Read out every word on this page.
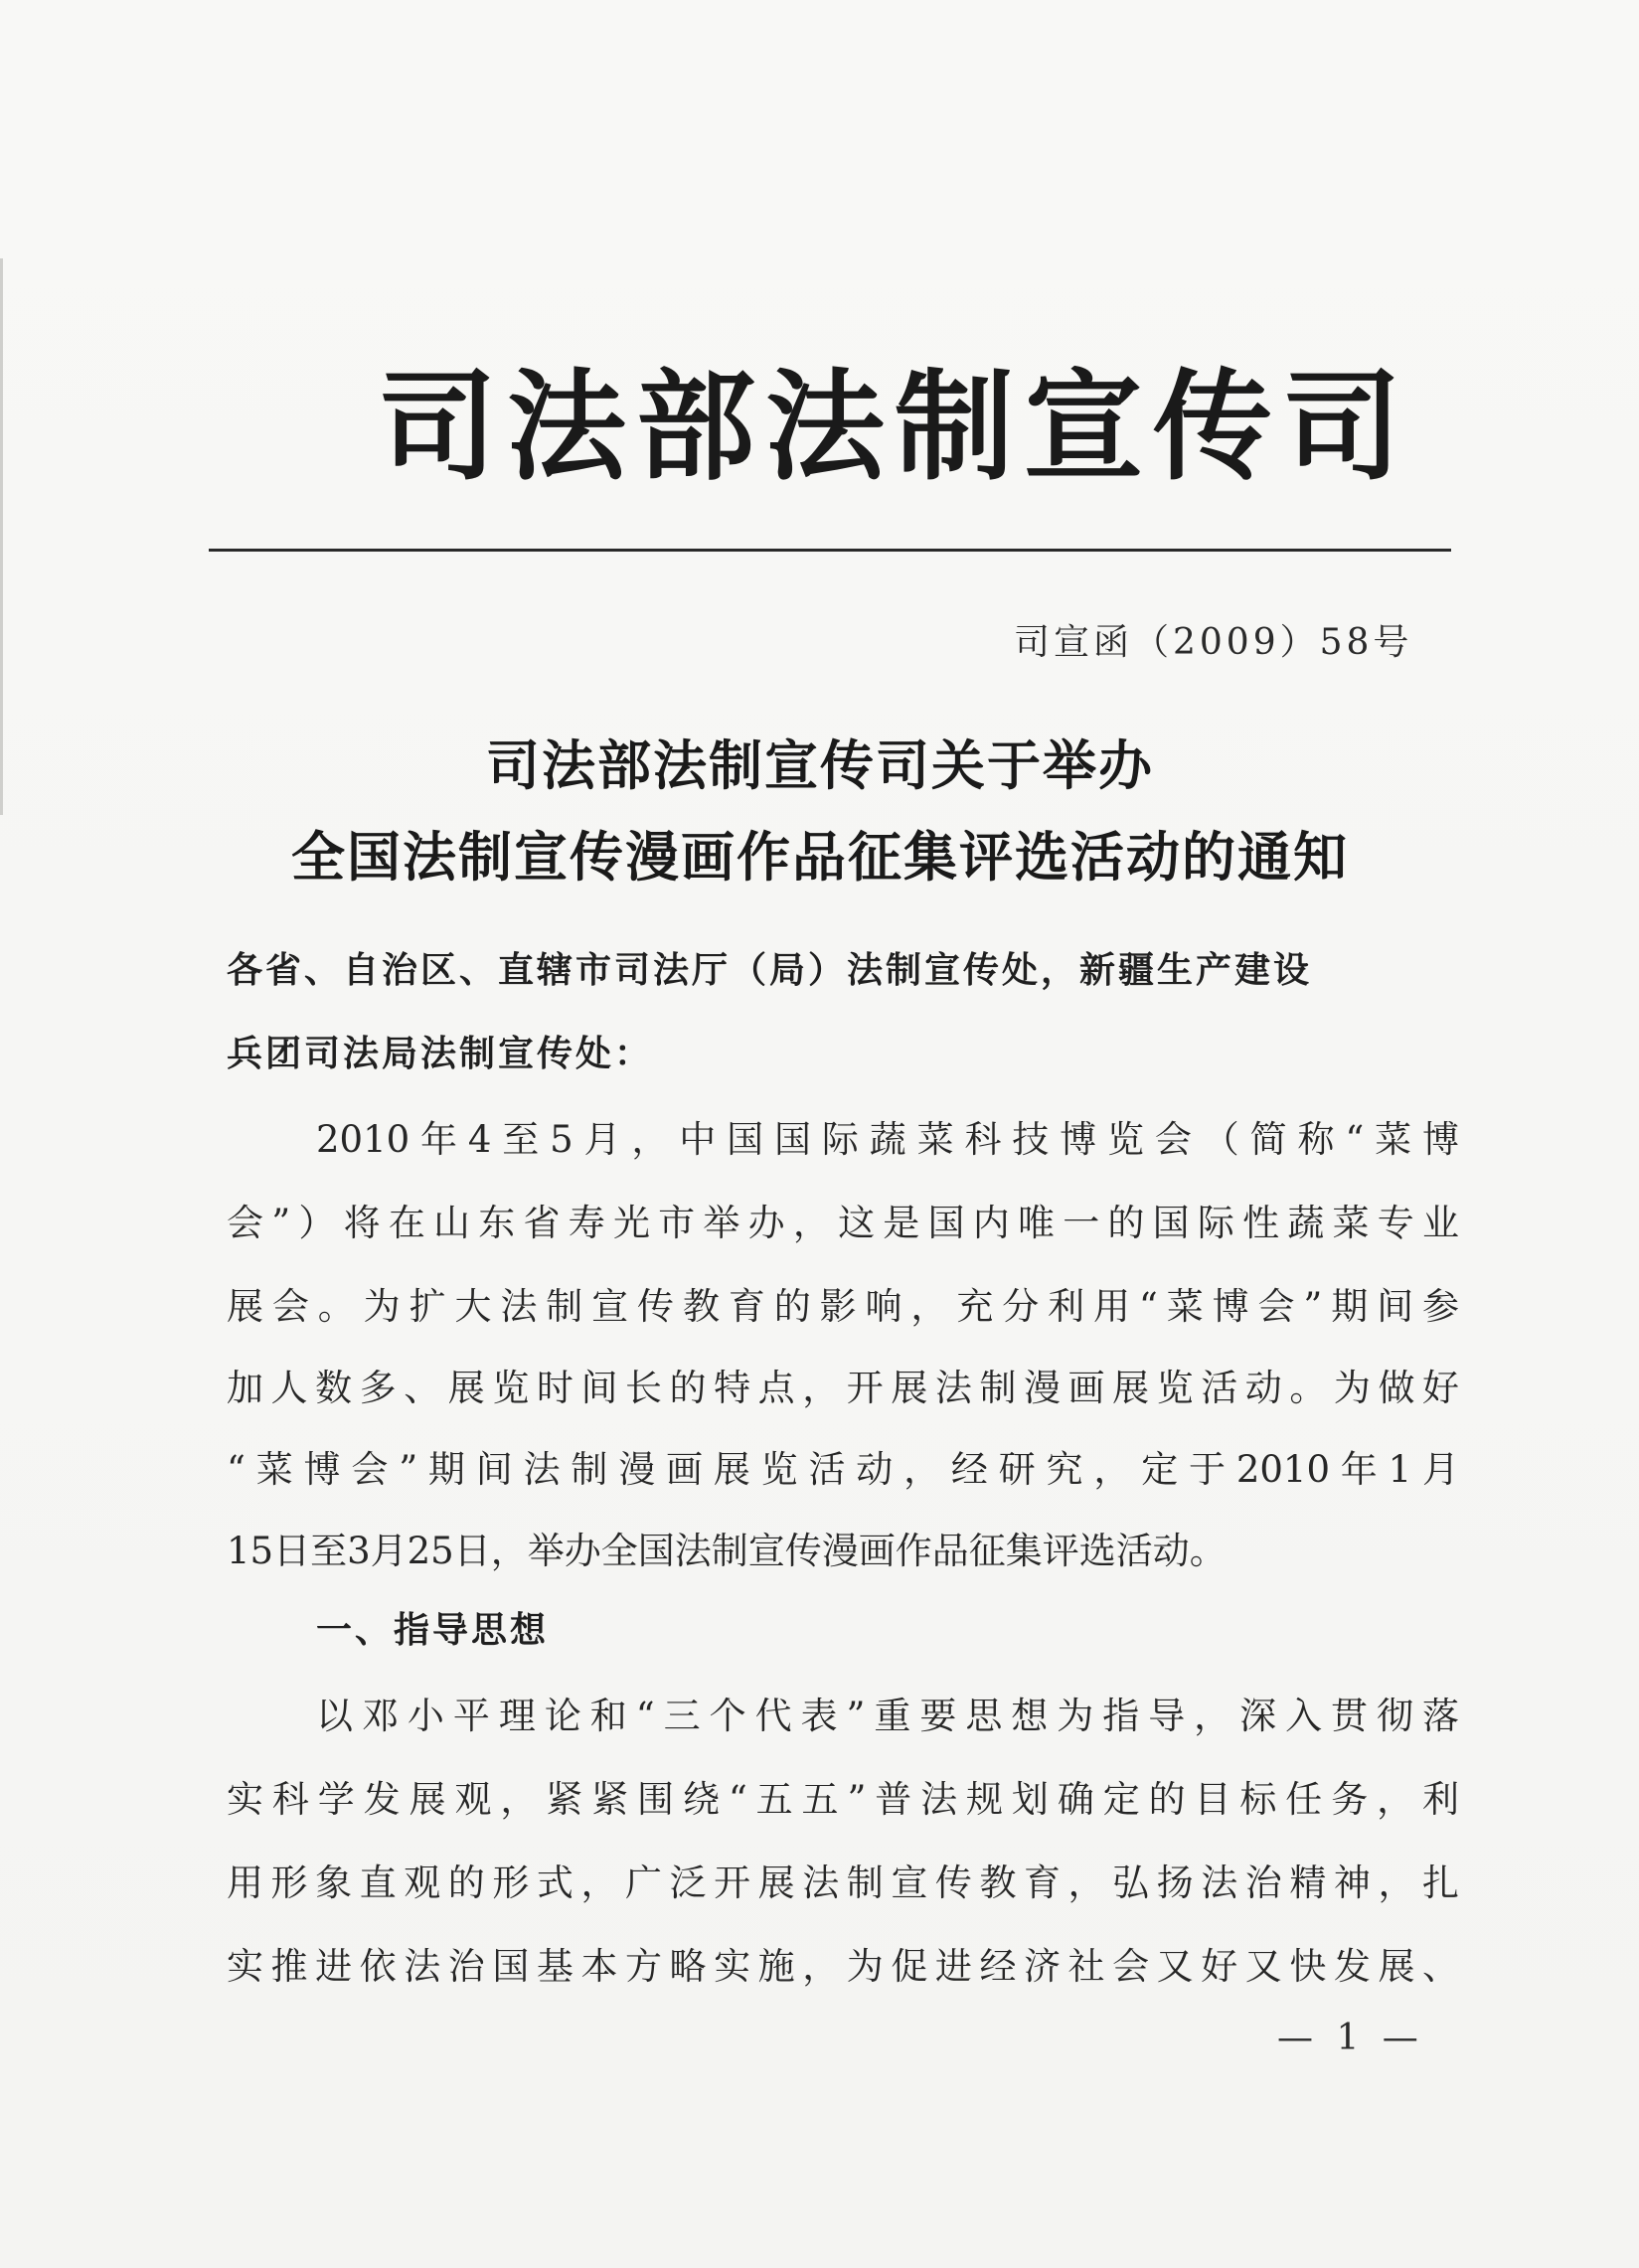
司法部法制宣传司
司宣函（2009）58号
司法部法制宣传司关于举办
全国法制宣传漫画作品征集评选活动的通知
各省、自治区、直辖市司法厅（局）法制宣传处，新疆生产建设
兵团司法局法制宣传处：
2010年4至5月，中国国际蔬菜科技博览会（简称“菜博
会”）将在山东省寿光市举办，这是国内唯一的国际性蔬菜专业
展会。为扩大法制宣传教育的影响，充分利用“菜博会”期间参
加人数多、展览时间长的特点，开展法制漫画展览活动。为做好
“菜博会”期间法制漫画展览活动，经研究，定于2010年1月
15日至3月25日，举办全国法制宣传漫画作品征集评选活动。
一、指导思想
以邓小平理论和“三个代表”重要思想为指导，深入贯彻落
实科学发展观，紧紧围绕“五五”普法规划确定的目标任务，利
用形象直观的形式，广泛开展法制宣传教育，弘扬法治精神，扎
实推进依法治国基本方略实施，为促进经济社会又好又快发展、
— 1 —
